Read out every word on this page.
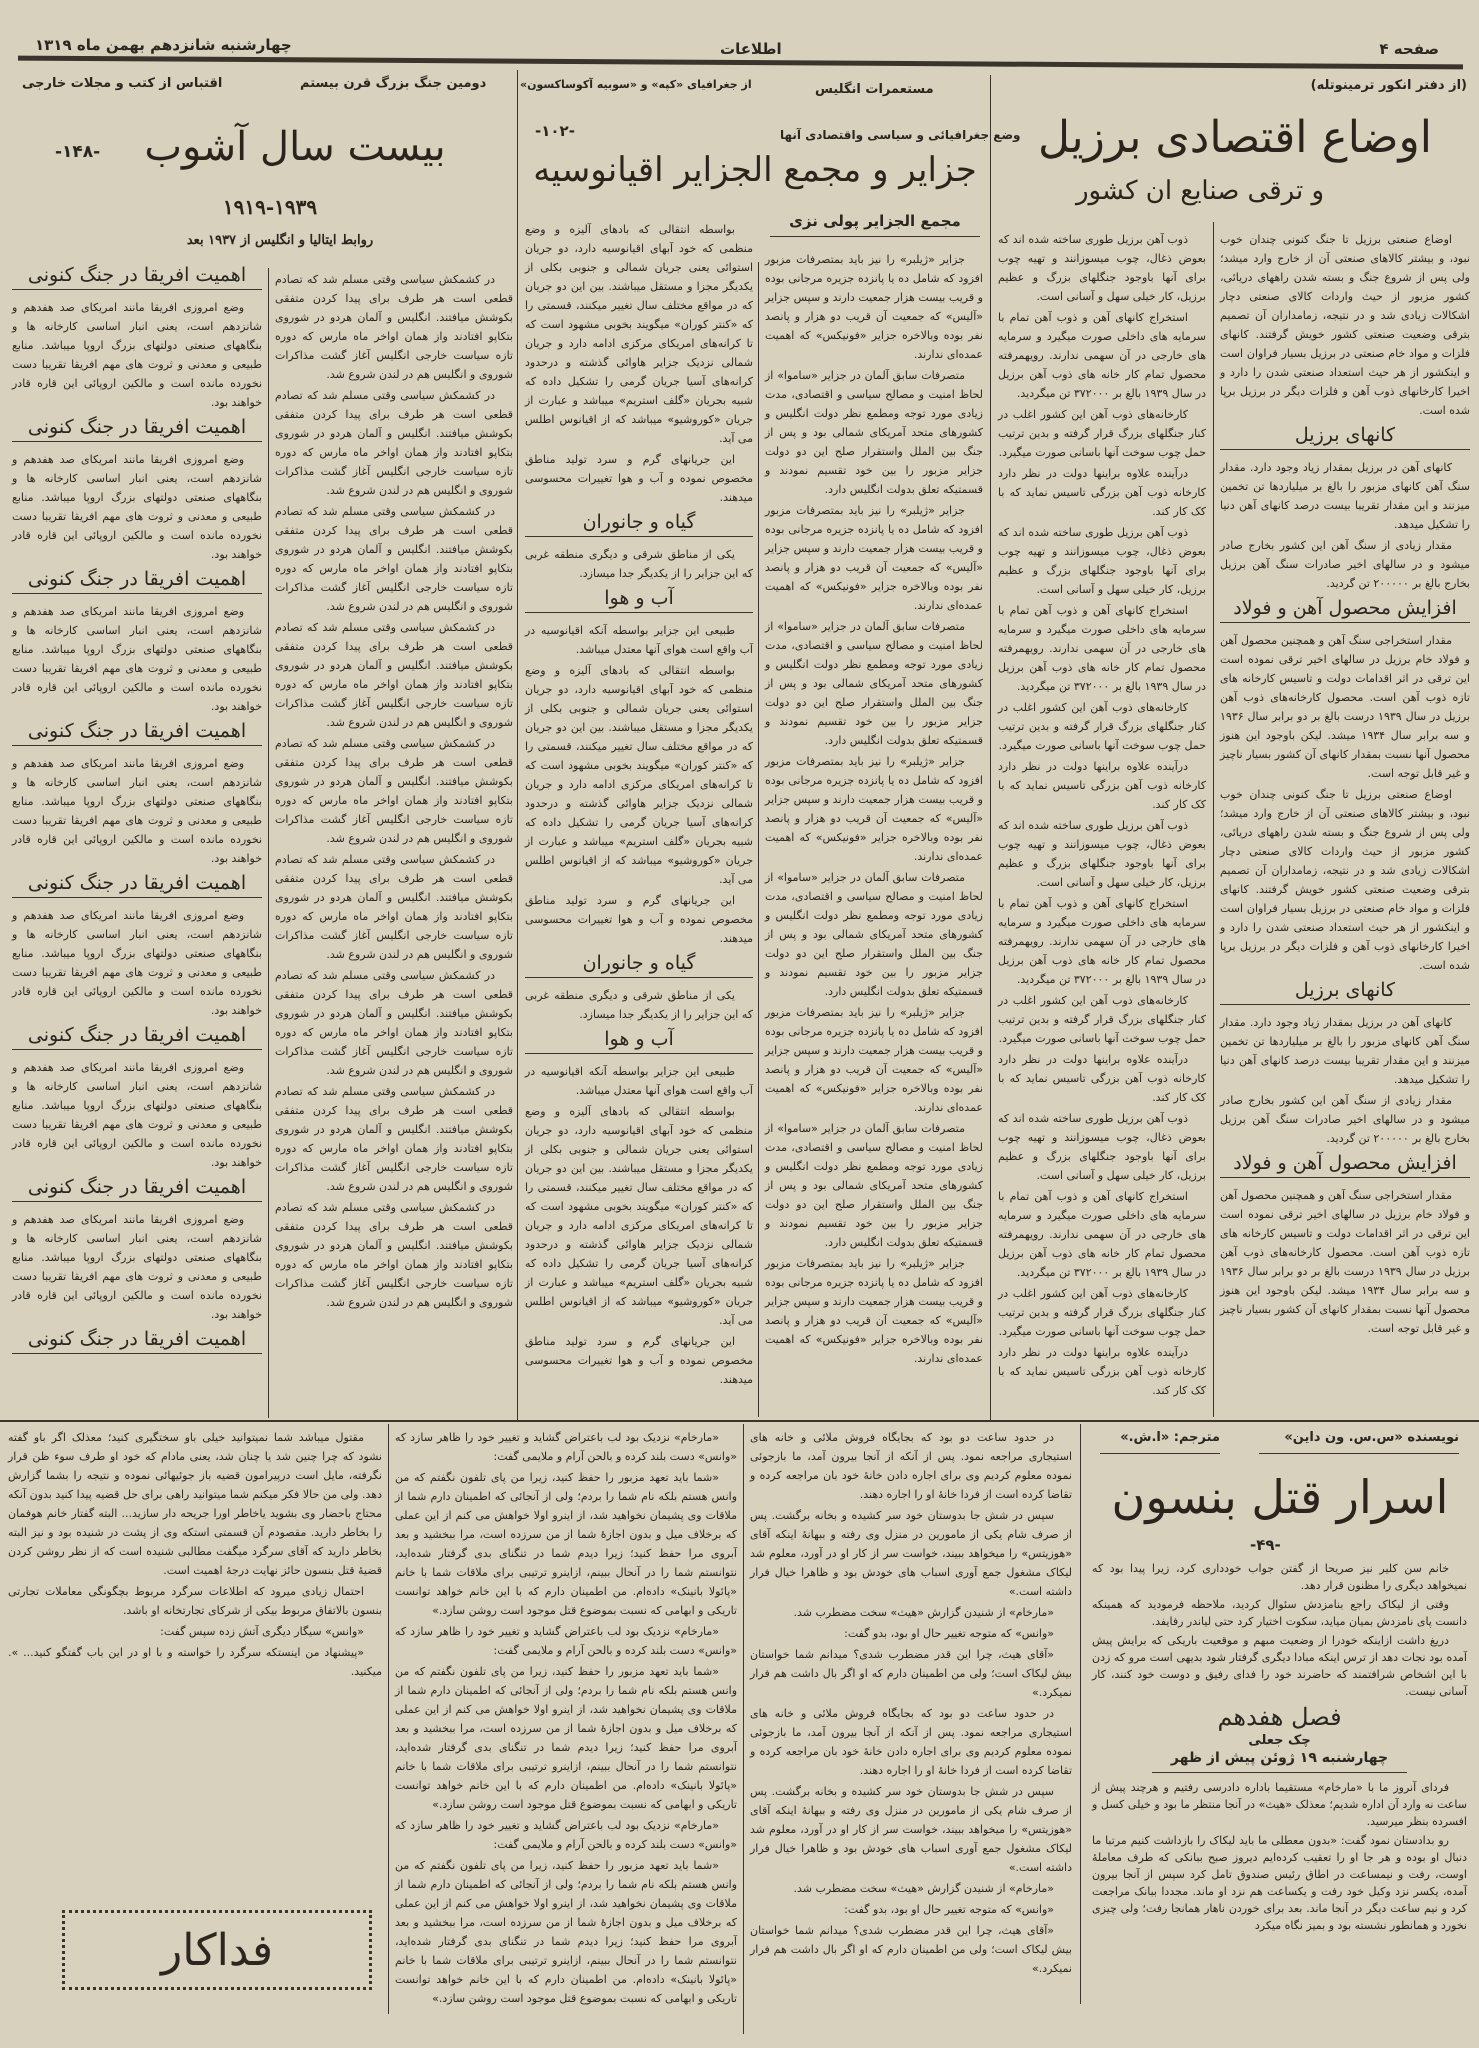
صفحه ۴
اطلاعات
چهارشنبه شانزدهم بهمن ماه ۱۳۱۹
(از دفتر انکور ترمینوتله)
مستعمرات انگلیس
از جغرافیای «کپه» و «سوبیه آکوساکسون»
دومین جنگ بزرگ قرن بیستم
اقتباس از کتب و مجلات خارجی
اوضاع اقتصادی برزیل
و ترقی صنایع ان کشور

اوضاع صنعتی برزیل تا جنگ کنونی چندان خوب نبود، و بیشتر کالاهای صنعتی آن از خارج وارد میشد؛ ولی پس از شروع جنگ و بسته شدن راههای دریائی، کشور مزبور از حیث واردات کالای صنعتی دچار اشکالات زیادی شد و در نتیجه، زمامداران آن تصمیم بترقی وضعیت صنعتی کشور خویش گرفتند. کانهای فلزات و مواد خام صنعتی در برزیل بسیار فراوان است و اینکشور از هر حیث استعداد صنعتی شدن را دارد و اخیرا کارخانهای ذوب آهن و فلزات دیگر در برزیل برپا شده است.

کانهای برزیل

کانهای آهن در برزیل بمقدار زیاد وجود دارد. مقدار سنگ آهن کانهای مزبور را بالغ بر میلیاردها تن تخمین میزنند و این مقدار تقریبا بیست درصد کانهای آهن دنیا را تشکیل میدهد.

مقدار زیادی از سنگ آهن این کشور بخارج صادر میشود و در سالهای اخیر صادرات سنگ آهن برزیل بخارج بالغ بر ۲۰۰۰۰۰ تن گردید.

افزایش محصول آهن و فولاد

مقدار استخراجی سنگ آهن و همچنین محصول آهن و فولاد خام برزیل در سالهای اخیر ترقی نموده است این ترقی در اثر اقدامات دولت و تاسیس کارخانه های تازه ذوب آهن است. محصول کارخانه‌های ذوب آهن برزیل در سال ۱۹۳۹ درست بالغ بر دو برابر سال ۱۹۳۶ و سه برابر سال ۱۹۳۴ میشد. لیکن باوجود این هنوز محصول آنها نسبت بمقدار کانهای آن کشور بسیار ناچیز و غیر قابل توجه است.

اوضاع صنعتی برزیل تا جنگ کنونی چندان خوب نبود، و بیشتر کالاهای صنعتی آن از خارج وارد میشد؛ ولی پس از شروع جنگ و بسته شدن راههای دریائی، کشور مزبور از حیث واردات کالای صنعتی دچار اشکالات زیادی شد و در نتیجه، زمامداران آن تصمیم بترقی وضعیت صنعتی کشور خویش گرفتند. کانهای فلزات و مواد خام صنعتی در برزیل بسیار فراوان است و اینکشور از هر حیث استعداد صنعتی شدن را دارد و اخیرا کارخانهای ذوب آهن و فلزات دیگر در برزیل برپا شده است.

کانهای برزیل

کانهای آهن در برزیل بمقدار زیاد وجود دارد. مقدار سنگ آهن کانهای مزبور را بالغ بر میلیاردها تن تخمین میزنند و این مقدار تقریبا بیست درصد کانهای آهن دنیا را تشکیل میدهد.

مقدار زیادی از سنگ آهن این کشور بخارج صادر میشود و در سالهای اخیر صادرات سنگ آهن برزیل بخارج بالغ بر ۲۰۰۰۰۰ تن گردید.

افزایش محصول آهن و فولاد

مقدار استخراجی سنگ آهن و همچنین محصول آهن و فولاد خام برزیل در سالهای اخیر ترقی نموده است این ترقی در اثر اقدامات دولت و تاسیس کارخانه های تازه ذوب آهن است. محصول کارخانه‌های ذوب آهن برزیل در سال ۱۹۳۹ درست بالغ بر دو برابر سال ۱۹۳۶ و سه برابر سال ۱۹۳۴ میشد. لیکن باوجود این هنوز محصول آنها نسبت بمقدار کانهای آن کشور بسیار ناچیز و غیر قابل توجه است.

ذوب آهن برزیل طوری ساخته شده اند که بعوض ذغال، چوب میسوزانند و تهیه چوب برای آنها باوجود جنگلهای بزرگ و عظیم برزیل، کار خیلی سهل و آسانی است.

استخراج کانهای آهن و ذوب آهن تمام با سرمایه های داخلی صورت میگیرد و سرمایه های خارجی در آن سهمی ندارند. رویهمرفته محصول تمام کار خانه های ذوب آهن برزیل در سال ۱۹۳۹ بالغ بر ۳۷۲۰۰۰ تن میگردید.

کارخانه‌های ذوب آهن این کشور اغلب در کنار جنگلهای بزرگ قرار گرفته و بدین ترتیب حمل چوب سوخت آنها باسانی صورت میگیرد.

درآینده علاوه براینها دولت در نظر دارد کارخانه ذوب آهن بزرگی تاسیس نماید که با کک کار کند.

ذوب آهن برزیل طوری ساخته شده اند که بعوض ذغال، چوب میسوزانند و تهیه چوب برای آنها باوجود جنگلهای بزرگ و عظیم برزیل، کار خیلی سهل و آسانی است.

استخراج کانهای آهن و ذوب آهن تمام با سرمایه های داخلی صورت میگیرد و سرمایه های خارجی در آن سهمی ندارند. رویهمرفته محصول تمام کار خانه های ذوب آهن برزیل در سال ۱۹۳۹ بالغ بر ۳۷۲۰۰۰ تن میگردید.

کارخانه‌های ذوب آهن این کشور اغلب در کنار جنگلهای بزرگ قرار گرفته و بدین ترتیب حمل چوب سوخت آنها باسانی صورت میگیرد.

درآینده علاوه براینها دولت در نظر دارد کارخانه ذوب آهن بزرگی تاسیس نماید که با کک کار کند.

ذوب آهن برزیل طوری ساخته شده اند که بعوض ذغال، چوب میسوزانند و تهیه چوب برای آنها باوجود جنگلهای بزرگ و عظیم برزیل، کار خیلی سهل و آسانی است.

استخراج کانهای آهن و ذوب آهن تمام با سرمایه های داخلی صورت میگیرد و سرمایه های خارجی در آن سهمی ندارند. رویهمرفته محصول تمام کار خانه های ذوب آهن برزیل در سال ۱۹۳۹ بالغ بر ۳۷۲۰۰۰ تن میگردید.

کارخانه‌های ذوب آهن این کشور اغلب در کنار جنگلهای بزرگ قرار گرفته و بدین ترتیب حمل چوب سوخت آنها باسانی صورت میگیرد.

درآینده علاوه براینها دولت در نظر دارد کارخانه ذوب آهن بزرگی تاسیس نماید که با کک کار کند.

ذوب آهن برزیل طوری ساخته شده اند که بعوض ذغال، چوب میسوزانند و تهیه چوب برای آنها باوجود جنگلهای بزرگ و عظیم برزیل، کار خیلی سهل و آسانی است.

استخراج کانهای آهن و ذوب آهن تمام با سرمایه های داخلی صورت میگیرد و سرمایه های خارجی در آن سهمی ندارند. رویهمرفته محصول تمام کار خانه های ذوب آهن برزیل در سال ۱۹۳۹ بالغ بر ۳۷۲۰۰۰ تن میگردید.

کارخانه‌های ذوب آهن این کشور اغلب در کنار جنگلهای بزرگ قرار گرفته و بدین ترتیب حمل چوب سوخت آنها باسانی صورت میگیرد.

درآینده علاوه براینها دولت در نظر دارد کارخانه ذوب آهن بزرگی تاسیس نماید که با کک کار کند.

وضع جغرافیائی و سیاسی واقتصادی آنها
-۱۰۲-
جزایر و مجمع الجزایر اقیانوسیه
مجمع الجزایر پولی نزی

جزایر «ژیلبر» را نیز باید بمتصرفات مزبور افزود که شامل ده یا پانزده جزیره مرجانی بوده و قریب بیست هزار جمعیت دارند و سپس جزایر «آلیس» که جمعیت آن قریب دو هزار و پانصد نفر بوده وبالاخره جزایر «فونیکس» که اهمیت عمده‌ای ندارند.

متصرفات سابق آلمان در جزایر «ساموا» از لحاظ امنیت و مصالح سیاسی و اقتصادی، مدت زیادی مورد توجه ومطمع نظر دولت انگلیس و کشورهای متحد آمریکای شمالی بود و پس از جنگ بین الملل واستقرار صلح این دو دولت جزایر مزبور را بین خود تقسیم نمودند و قسمتیکه تعلق بدولت انگلیس دارد.

جزایر «ژیلبر» را نیز باید بمتصرفات مزبور افزود که شامل ده یا پانزده جزیره مرجانی بوده و قریب بیست هزار جمعیت دارند و سپس جزایر «آلیس» که جمعیت آن قریب دو هزار و پانصد نفر بوده وبالاخره جزایر «فونیکس» که اهمیت عمده‌ای ندارند.

متصرفات سابق آلمان در جزایر «ساموا» از لحاظ امنیت و مصالح سیاسی و اقتصادی، مدت زیادی مورد توجه ومطمع نظر دولت انگلیس و کشورهای متحد آمریکای شمالی بود و پس از جنگ بین الملل واستقرار صلح این دو دولت جزایر مزبور را بین خود تقسیم نمودند و قسمتیکه تعلق بدولت انگلیس دارد.

جزایر «ژیلبر» را نیز باید بمتصرفات مزبور افزود که شامل ده یا پانزده جزیره مرجانی بوده و قریب بیست هزار جمعیت دارند و سپس جزایر «آلیس» که جمعیت آن قریب دو هزار و پانصد نفر بوده وبالاخره جزایر «فونیکس» که اهمیت عمده‌ای ندارند.

متصرفات سابق آلمان در جزایر «ساموا» از لحاظ امنیت و مصالح سیاسی و اقتصادی، مدت زیادی مورد توجه ومطمع نظر دولت انگلیس و کشورهای متحد آمریکای شمالی بود و پس از جنگ بین الملل واستقرار صلح این دو دولت جزایر مزبور را بین خود تقسیم نمودند و قسمتیکه تعلق بدولت انگلیس دارد.

جزایر «ژیلبر» را نیز باید بمتصرفات مزبور افزود که شامل ده یا پانزده جزیره مرجانی بوده و قریب بیست هزار جمعیت دارند و سپس جزایر «آلیس» که جمعیت آن قریب دو هزار و پانصد نفر بوده وبالاخره جزایر «فونیکس» که اهمیت عمده‌ای ندارند.

متصرفات سابق آلمان در جزایر «ساموا» از لحاظ امنیت و مصالح سیاسی و اقتصادی، مدت زیادی مورد توجه ومطمع نظر دولت انگلیس و کشورهای متحد آمریکای شمالی بود و پس از جنگ بین الملل واستقرار صلح این دو دولت جزایر مزبور را بین خود تقسیم نمودند و قسمتیکه تعلق بدولت انگلیس دارد.

جزایر «ژیلبر» را نیز باید بمتصرفات مزبور افزود که شامل ده یا پانزده جزیره مرجانی بوده و قریب بیست هزار جمعیت دارند و سپس جزایر «آلیس» که جمعیت آن قریب دو هزار و پانصد نفر بوده وبالاخره جزایر «فونیکس» که اهمیت عمده‌ای ندارند.

بواسطه انتقالی که بادهای آلیزه و وضع منظمی که خود آبهای اقیانوسیه دارد، دو جریان استوائی یعنی جریان شمالی و جنوبی بکلی از یکدیگر مجزا و مستقل میباشند. بین این دو جریان که در مواقع مختلف سال تغییر میکنند، قسمتی را که «کنتر کوران» میگویند بخوبی مشهود است که تا کرانه‌های امریکای مرکزی ادامه دارد و جریان شمالی نزدیک جزایر هاوائی گذشته و درحدود کرانه‌های آسیا جریان گرمی را تشکیل داده که شبیه بجریان «گلف استریم» میباشد و عبارت از جریان «کوروشیو» میباشد که از اقیانوس اطلس می آید.

این جریانهای گرم و سرد تولید مناطق مخصوص نموده و آب و هوا تغییرات محسوسی میدهند.

گیاه و جانوران

یکی از مناطق شرقی و دیگری منطقه غربی که این جزایر را از یکدیگر جدا میسازد.

آب و هوا

طبیعی این جزایر بواسطه آنکه اقیانوسیه در آب واقع است هوای آنها معتدل میباشد.

بواسطه انتقالی که بادهای آلیزه و وضع منظمی که خود آبهای اقیانوسیه دارد، دو جریان استوائی یعنی جریان شمالی و جنوبی بکلی از یکدیگر مجزا و مستقل میباشند. بین این دو جریان که در مواقع مختلف سال تغییر میکنند، قسمتی را که «کنتر کوران» میگویند بخوبی مشهود است که تا کرانه‌های امریکای مرکزی ادامه دارد و جریان شمالی نزدیک جزایر هاوائی گذشته و درحدود کرانه‌های آسیا جریان گرمی را تشکیل داده که شبیه بجریان «گلف استریم» میباشد و عبارت از جریان «کوروشیو» میباشد که از اقیانوس اطلس می آید.

این جریانهای گرم و سرد تولید مناطق مخصوص نموده و آب و هوا تغییرات محسوسی میدهند.

گیاه و جانوران

یکی از مناطق شرقی و دیگری منطقه غربی که این جزایر را از یکدیگر جدا میسازد.

آب و هوا

طبیعی این جزایر بواسطه آنکه اقیانوسیه در آب واقع است هوای آنها معتدل میباشد.

بواسطه انتقالی که بادهای آلیزه و وضع منظمی که خود آبهای اقیانوسیه دارد، دو جریان استوائی یعنی جریان شمالی و جنوبی بکلی از یکدیگر مجزا و مستقل میباشند. بین این دو جریان که در مواقع مختلف سال تغییر میکنند، قسمتی را که «کنتر کوران» میگویند بخوبی مشهود است که تا کرانه‌های امریکای مرکزی ادامه دارد و جریان شمالی نزدیک جزایر هاوائی گذشته و درحدود کرانه‌های آسیا جریان گرمی را تشکیل داده که شبیه بجریان «گلف استریم» میباشد و عبارت از جریان «کوروشیو» میباشد که از اقیانوس اطلس می آید.

این جریانهای گرم و سرد تولید مناطق مخصوص نموده و آب و هوا تغییرات محسوسی میدهند.

-۱۴۸-	بیست سال آشوب
۱۹۱۹-۱۹۳۹
روابط ایتالیا و انگلیس از ۱۹۳۷ بعد

در کشمکش سیاسی وقتی مسلم شد که تصادم قطعی است هر طرف برای پیدا کردن متفقی بکوشش میافتند. انگلیس و آلمان هردو در شوروی بتکاپو افتادند واز همان اواخر ماه مارس که دوره تازه سیاست خارجی انگلیس آغاز گشت مذاکرات شوروی و انگلیس هم در لندن شروع شد.

در کشمکش سیاسی وقتی مسلم شد که تصادم قطعی است هر طرف برای پیدا کردن متفقی بکوشش میافتند. انگلیس و آلمان هردو در شوروی بتکاپو افتادند واز همان اواخر ماه مارس که دوره تازه سیاست خارجی انگلیس آغاز گشت مذاکرات شوروی و انگلیس هم در لندن شروع شد.

در کشمکش سیاسی وقتی مسلم شد که تصادم قطعی است هر طرف برای پیدا کردن متفقی بکوشش میافتند. انگلیس و آلمان هردو در شوروی بتکاپو افتادند واز همان اواخر ماه مارس که دوره تازه سیاست خارجی انگلیس آغاز گشت مذاکرات شوروی و انگلیس هم در لندن شروع شد.

در کشمکش سیاسی وقتی مسلم شد که تصادم قطعی است هر طرف برای پیدا کردن متفقی بکوشش میافتند. انگلیس و آلمان هردو در شوروی بتکاپو افتادند واز همان اواخر ماه مارس که دوره تازه سیاست خارجی انگلیس آغاز گشت مذاکرات شوروی و انگلیس هم در لندن شروع شد.

در کشمکش سیاسی وقتی مسلم شد که تصادم قطعی است هر طرف برای پیدا کردن متفقی بکوشش میافتند. انگلیس و آلمان هردو در شوروی بتکاپو افتادند واز همان اواخر ماه مارس که دوره تازه سیاست خارجی انگلیس آغاز گشت مذاکرات شوروی و انگلیس هم در لندن شروع شد.

در کشمکش سیاسی وقتی مسلم شد که تصادم قطعی است هر طرف برای پیدا کردن متفقی بکوشش میافتند. انگلیس و آلمان هردو در شوروی بتکاپو افتادند واز همان اواخر ماه مارس که دوره تازه سیاست خارجی انگلیس آغاز گشت مذاکرات شوروی و انگلیس هم در لندن شروع شد.

در کشمکش سیاسی وقتی مسلم شد که تصادم قطعی است هر طرف برای پیدا کردن متفقی بکوشش میافتند. انگلیس و آلمان هردو در شوروی بتکاپو افتادند واز همان اواخر ماه مارس که دوره تازه سیاست خارجی انگلیس آغاز گشت مذاکرات شوروی و انگلیس هم در لندن شروع شد.

در کشمکش سیاسی وقتی مسلم شد که تصادم قطعی است هر طرف برای پیدا کردن متفقی بکوشش میافتند. انگلیس و آلمان هردو در شوروی بتکاپو افتادند واز همان اواخر ماه مارس که دوره تازه سیاست خارجی انگلیس آغاز گشت مذاکرات شوروی و انگلیس هم در لندن شروع شد.

در کشمکش سیاسی وقتی مسلم شد که تصادم قطعی است هر طرف برای پیدا کردن متفقی بکوشش میافتند. انگلیس و آلمان هردو در شوروی بتکاپو افتادند واز همان اواخر ماه مارس که دوره تازه سیاست خارجی انگلیس آغاز گشت مذاکرات شوروی و انگلیس هم در لندن شروع شد.

اهمیت افریقا در جنگ کنونی

وضع امروزی افریقا مانند امریکای صد هفدهم و شانزدهم است، یعنی انبار اساسی کارخانه ها و بنگاههای صنعتی دولتهای بزرگ اروپا میباشد. منابع طبیعی و معدنی و ثروت های مهم افریقا تقریبا دست نخورده مانده است و مالکین اروپائی این قاره قادر خواهند بود.

اهمیت افریقا در جنگ کنونی

وضع امروزی افریقا مانند امریکای صد هفدهم و شانزدهم است، یعنی انبار اساسی کارخانه ها و بنگاههای صنعتی دولتهای بزرگ اروپا میباشد. منابع طبیعی و معدنی و ثروت های مهم افریقا تقریبا دست نخورده مانده است و مالکین اروپائی این قاره قادر خواهند بود.

اهمیت افریقا در جنگ کنونی

وضع امروزی افریقا مانند امریکای صد هفدهم و شانزدهم است، یعنی انبار اساسی کارخانه ها و بنگاههای صنعتی دولتهای بزرگ اروپا میباشد. منابع طبیعی و معدنی و ثروت های مهم افریقا تقریبا دست نخورده مانده است و مالکین اروپائی این قاره قادر خواهند بود.

اهمیت افریقا در جنگ کنونی

وضع امروزی افریقا مانند امریکای صد هفدهم و شانزدهم است، یعنی انبار اساسی کارخانه ها و بنگاههای صنعتی دولتهای بزرگ اروپا میباشد. منابع طبیعی و معدنی و ثروت های مهم افریقا تقریبا دست نخورده مانده است و مالکین اروپائی این قاره قادر خواهند بود.

اهمیت افریقا در جنگ کنونی

وضع امروزی افریقا مانند امریکای صد هفدهم و شانزدهم است، یعنی انبار اساسی کارخانه ها و بنگاههای صنعتی دولتهای بزرگ اروپا میباشد. منابع طبیعی و معدنی و ثروت های مهم افریقا تقریبا دست نخورده مانده است و مالکین اروپائی این قاره قادر خواهند بود.

اهمیت افریقا در جنگ کنونی

وضع امروزی افریقا مانند امریکای صد هفدهم و شانزدهم است، یعنی انبار اساسی کارخانه ها و بنگاههای صنعتی دولتهای بزرگ اروپا میباشد. منابع طبیعی و معدنی و ثروت های مهم افریقا تقریبا دست نخورده مانده است و مالکین اروپائی این قاره قادر خواهند بود.

اهمیت افریقا در جنگ کنونی

وضع امروزی افریقا مانند امریکای صد هفدهم و شانزدهم است، یعنی انبار اساسی کارخانه ها و بنگاههای صنعتی دولتهای بزرگ اروپا میباشد. منابع طبیعی و معدنی و ثروت های مهم افریقا تقریبا دست نخورده مانده است و مالکین اروپائی این قاره قادر خواهند بود.

اهمیت افریقا در جنگ کنونی
نویسنده «س.س. ون داین»
مترجم: «ا.ش.»
اسرار قتل بنسون
-۴۹-

خانم سن کلیر نیز صریحا از گفتن جواب خودداری کرد، زیرا پیدا بود که نمیخواهد دیگری را مظنون قرار دهد.

وقتی از لیکاک راجع بنامزدش سئوال کردید، ملاحظه فرمودید که همینکه دانست پای نامزدش بمیان میاید، سکوت اختیار کرد حتی لیاندر رفایفد.

دریغ داشت ازاینکه خودرا از وضعیت مبهم و موقعیت باریکی که برایش پیش آمده بود نجات دهد از ترس اینکه مبادا دیگری گرفتار شود بدیهی است مرو که زدن با این اشخاص شرافتمند که حاضرند خود را فدای رفیق و دوست خود کنند، کار آسانی نیست.

فصل هفدهم
چک جعلی
چهارشنبه ۱۹ ژوئن پیش از ظهر

فردای آنروز ما با «مارخام» مستقیما باداره دادرسی رفتیم و هرچند پیش از ساعت نه وارد آن اداره شدیم؛ معذلک «هیث» در آنجا منتظر ما بود و خیلی کسل و افسرده بنظر میرسید.

رو بدادستان نمود گفت: «بدون معطلی ما باید لیکاک را بازداشت کنیم مرتبا ما دنبال او بوده و هر جا او را تعقیب کرده‌ایم دیروز صبح ببانکی که طرف معاملهٔ اوست، رفت و نیمساعت در اطاق رئیس صندوق تامل کرد سپس از آنجا بیرون آمده، یکسر نزد وکیل خود رفت و یکساعت هم نزد او ماند. مجددا ببانک مراجعت کرد و نیم ساعت دیگر در آنجا ماند. بعد برای خوردن ناهار همانجا رفت؛ ولی چیزی نخورد و همانطور نشسته بود و بمیز نگاه میکرد

در حدود ساعت دو بود که بجایگاه فروش ملائی و خانه های استیجاری مراجعه نمود. پس از آنکه از آنجا بیرون آمد، ما بازجوئی نموده معلوم کردیم وی برای اجاره دادن خانهٔ خود بان مراجعه کرده و تقاضا کرده است از فردا خانهٔ او را اجاره دهند.

سپس در شش جا بدوستان خود سر کشیده و بخانه برگشت. پس از صرف شام یکی از مامورین در منزل وی رفته و ببهانهٔ اینکه آقای «هوزیتس» را میخواهد ببیند، خواست سر از کار او در آورد، معلوم شد لیکاک مشغول جمع آوری اسباب های خودش بود و ظاهرا خیال فرار داشته است.»

«مارخام» از شنیدن گزارش «هیث» سخت مضطرب شد.

«وانس» که متوجه تغییر حال او بود، بدو گفت:

«آقای هیث، چرا این قدر مضطرب شدی؟ میدانم شما خواستان بیش لیکاک است؛ ولی من اطمینان دارم که او اگر بال داشت هم فرار نمیکرد.»

در حدود ساعت دو بود که بجایگاه فروش ملائی و خانه های استیجاری مراجعه نمود. پس از آنکه از آنجا بیرون آمد، ما بازجوئی نموده معلوم کردیم وی برای اجاره دادن خانهٔ خود بان مراجعه کرده و تقاضا کرده است از فردا خانهٔ او را اجاره دهند.

سپس در شش جا بدوستان خود سر کشیده و بخانه برگشت. پس از صرف شام یکی از مامورین در منزل وی رفته و ببهانهٔ اینکه آقای «هوزیتس» را میخواهد ببیند، خواست سر از کار او در آورد، معلوم شد لیکاک مشغول جمع آوری اسباب های خودش بود و ظاهرا خیال فرار داشته است.»

«مارخام» از شنیدن گزارش «هیث» سخت مضطرب شد.

«وانس» که متوجه تغییر حال او بود، بدو گفت:

«آقای هیث، چرا این قدر مضطرب شدی؟ میدانم شما خواستان بیش لیکاک است؛ ولی من اطمینان دارم که او اگر بال داشت هم فرار نمیکرد.»

«مارخام» نزدیک بود لب باعتراض گشاید و تغییر خود را ظاهر سازد که «وانس» دست بلند کرده و بالحن آرام و ملایمی گفت:

«شما باید تعهد مزبور را حفظ کنید، زیرا من پای تلفون نگفتم که من وانس هستم بلکه نام شما را بردم؛ ولی از آنجائی که اطمینان دارم شما از ملاقات وی پشیمان نخواهید شد، از اینرو اولا خواهش می کنم از این عملی که برخلاف میل و بدون اجازهٔ شما از من سرزده است، مرا ببخشید و بعد آبروی مرا حفظ کنید؛ زیرا دیدم شما در تنگنای بدی گرفتار شده‌اید، نتوانستم شما را در آنحال ببینم، ازاینرو ترتیبی برای ملاقات شما با خانم «پائولا بانینک» داده‌ام. من اطمینان دارم که با این خانم خواهد توانست تاریکی و ابهامی که نسبت بموضوع قتل موجود است روشن سازد.»

«مارخام» نزدیک بود لب باعتراض گشاید و تغییر خود را ظاهر سازد که «وانس» دست بلند کرده و بالحن آرام و ملایمی گفت:

«شما باید تعهد مزبور را حفظ کنید، زیرا من پای تلفون نگفتم که من وانس هستم بلکه نام شما را بردم؛ ولی از آنجائی که اطمینان دارم شما از ملاقات وی پشیمان نخواهید شد، از اینرو اولا خواهش می کنم از این عملی که برخلاف میل و بدون اجازهٔ شما از من سرزده است، مرا ببخشید و بعد آبروی مرا حفظ کنید؛ زیرا دیدم شما در تنگنای بدی گرفتار شده‌اید، نتوانستم شما را در آنحال ببینم، ازاینرو ترتیبی برای ملاقات شما با خانم «پائولا بانینک» داده‌ام. من اطمینان دارم که با این خانم خواهد توانست تاریکی و ابهامی که نسبت بموضوع قتل موجود است روشن سازد.»

«مارخام» نزدیک بود لب باعتراض گشاید و تغییر خود را ظاهر سازد که «وانس» دست بلند کرده و بالحن آرام و ملایمی گفت:

«شما باید تعهد مزبور را حفظ کنید، زیرا من پای تلفون نگفتم که من وانس هستم بلکه نام شما را بردم؛ ولی از آنجائی که اطمینان دارم شما از ملاقات وی پشیمان نخواهید شد، از اینرو اولا خواهش می کنم از این عملی که برخلاف میل و بدون اجازهٔ شما از من سرزده است، مرا ببخشید و بعد آبروی مرا حفظ کنید؛ زیرا دیدم شما در تنگنای بدی گرفتار شده‌اید، نتوانستم شما را در آنحال ببینم، ازاینرو ترتیبی برای ملاقات شما با خانم «پائولا بانینک» داده‌ام. من اطمینان دارم که با این خانم خواهد توانست تاریکی و ابهامی که نسبت بموضوع قتل موجود است روشن سازد.»

مقتول میباشد شما نمیتوانید خیلی باو سختگیری کنید؛ معذلک اگر باو گفته نشود که چرا چنین شد یا چنان شد، یعنی مادام که خود او طرف سوء ظن قرار نگرفته، مایل است درپیرامون قضیه باز جوئیهائی نموده و نتیجه را بشما گزارش دهد. ولی من حالا فکر میکنم شما میتوانید راهی برای حل قضیه پیدا کنید بدون آنکه محتاج باحضار وی بشوید یاخاطر اورا جریحه دار سازید... البته گفتار خانم هوفمان را بخاطر دارید. مقصودم آن قسمتی استکه وی از پشت در شنیده بود و نیز البته بخاطر دارید که آقای سرگرد میگفت مطالبی شنیده است که از نظر روشن کردن قضیهٔ قتل بنسون حائز نهایت درجهٔ اهمیت است.

احتمال زیادی میرود که اطلاعات سرگرد مربوط بچگونگی معاملات تجارتی بنسون بالاتفاق مربوط بیکی از شرکای تجارتخانه او باشد.

«وانس» سیگار دیگری آتش زده سپس گفت:

«پیشنهاد من اینستکه سرگرد را خواسته و با او در این باب گفتگو کنید... ». میکنید.

فداکار
